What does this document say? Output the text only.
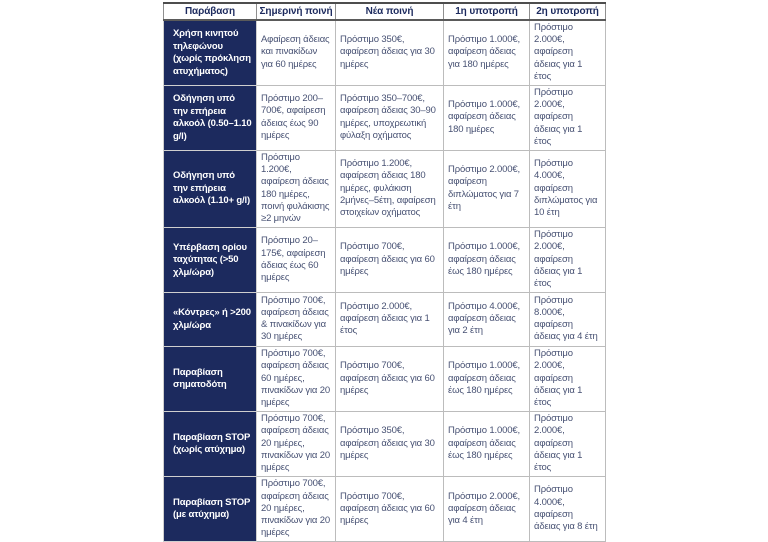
Παράβαση	Σημερινή ποινή	Νέα ποινή	1η υποτροπή	2η υποτροπή
Χρήση κινητού τηλεφώνου (χωρίς πρόκληση ατυχήματος)	Αφαίρεση άδειας και πινακίδων για 60 ημέρες	Πρόστιμο 350€, αφαίρεση άδειας για 30 ημέρες	Πρόστιμο 1.000€, αφαίρεση άδειας για 180 ημέρες	Πρόστιμο 2.000€, αφαίρεση άδειας για 1 έτος
Οδήγηση υπό την επήρεια αλκοόλ (0.50–1.10 g/l)	Πρόστιμο 200–700€, αφαίρεση άδειας έως 90 ημέρες	Πρόστιμο 350–700€, αφαίρεση άδειας 30–90 ημέρες, υποχρεωτική φύλαξη οχήματος	Πρόστιμο 1.000€, αφαίρεση άδειας 180 ημέρες	Πρόστιμο 2.000€, αφαίρεση άδειας για 1 έτος
Οδήγηση υπό την επήρεια αλκοόλ (1.10+ g/l)	Πρόστιμο 1.200€, αφαίρεση άδειας 180 ημέρες, ποινή φυλάκισης ≥2 μηνών	Πρόστιμο 1.200€, αφαίρεση άδειας 180 ημέρες, φυλάκιση 2μήνες–5έτη, αφαίρεση στοιχείων οχήματος	Πρόστιμο 2.000€, αφαίρεση διπλώματος για 7 έτη	Πρόστιμο 4.000€, αφαίρεση διπλώματος για 10 έτη
Υπέρβαση ορίου ταχύτητας (>50 χλμ/ώρα)	Πρόστιμο 20–175€, αφαίρεση άδειας έως 60 ημέρες	Πρόστιμο 700€, αφαίρεση άδειας για 60 ημέρες	Πρόστιμο 1.000€, αφαίρεση άδειας έως 180 ημέρες	Πρόστιμο 2.000€, αφαίρεση άδειας για 1 έτος
«Κόντρες» ή >200 χλμ/ώρα	Πρόστιμο 700€, αφαίρεση άδειας & πινακίδων για 30 ημέρες	Πρόστιμο 2.000€, αφαίρεση άδειας για 1 έτος	Πρόστιμο 4.000€, αφαίρεση άδειας για 2 έτη	Πρόστιμο 8.000€, αφαίρεση άδειας για 4 έτη
Παραβίαση σηματοδότη	Πρόστιμο 700€, αφαίρεση άδειας 60 ημέρες, πινακίδων για 20 ημέρες	Πρόστιμο 700€, αφαίρεση άδειας για 60 ημέρες	Πρόστιμο 1.000€, αφαίρεση άδειας έως 180 ημέρες	Πρόστιμο 2.000€, αφαίρεση άδειας για 1 έτος
Παραβίαση STOP (χωρίς ατύχημα)	Πρόστιμο 700€, αφαίρεση άδειας 20 ημέρες, πινακίδων για 20 ημέρες	Πρόστιμο 350€, αφαίρεση άδειας για 30 ημέρες	Πρόστιμο 1.000€, αφαίρεση άδειας έως 180 ημέρες	Πρόστιμο 2.000€, αφαίρεση άδειας για 1 έτος
Παραβίαση STOP (με ατύχημα)	Πρόστιμο 700€, αφαίρεση άδειας 20 ημέρες, πινακίδων για 20 ημέρες	Πρόστιμο 700€, αφαίρεση άδειας για 60 ημέρες	Πρόστιμο 2.000€, αφαίρεση άδειας για 4 έτη	Πρόστιμο 4.000€, αφαίρεση άδειας για 8 έτη
